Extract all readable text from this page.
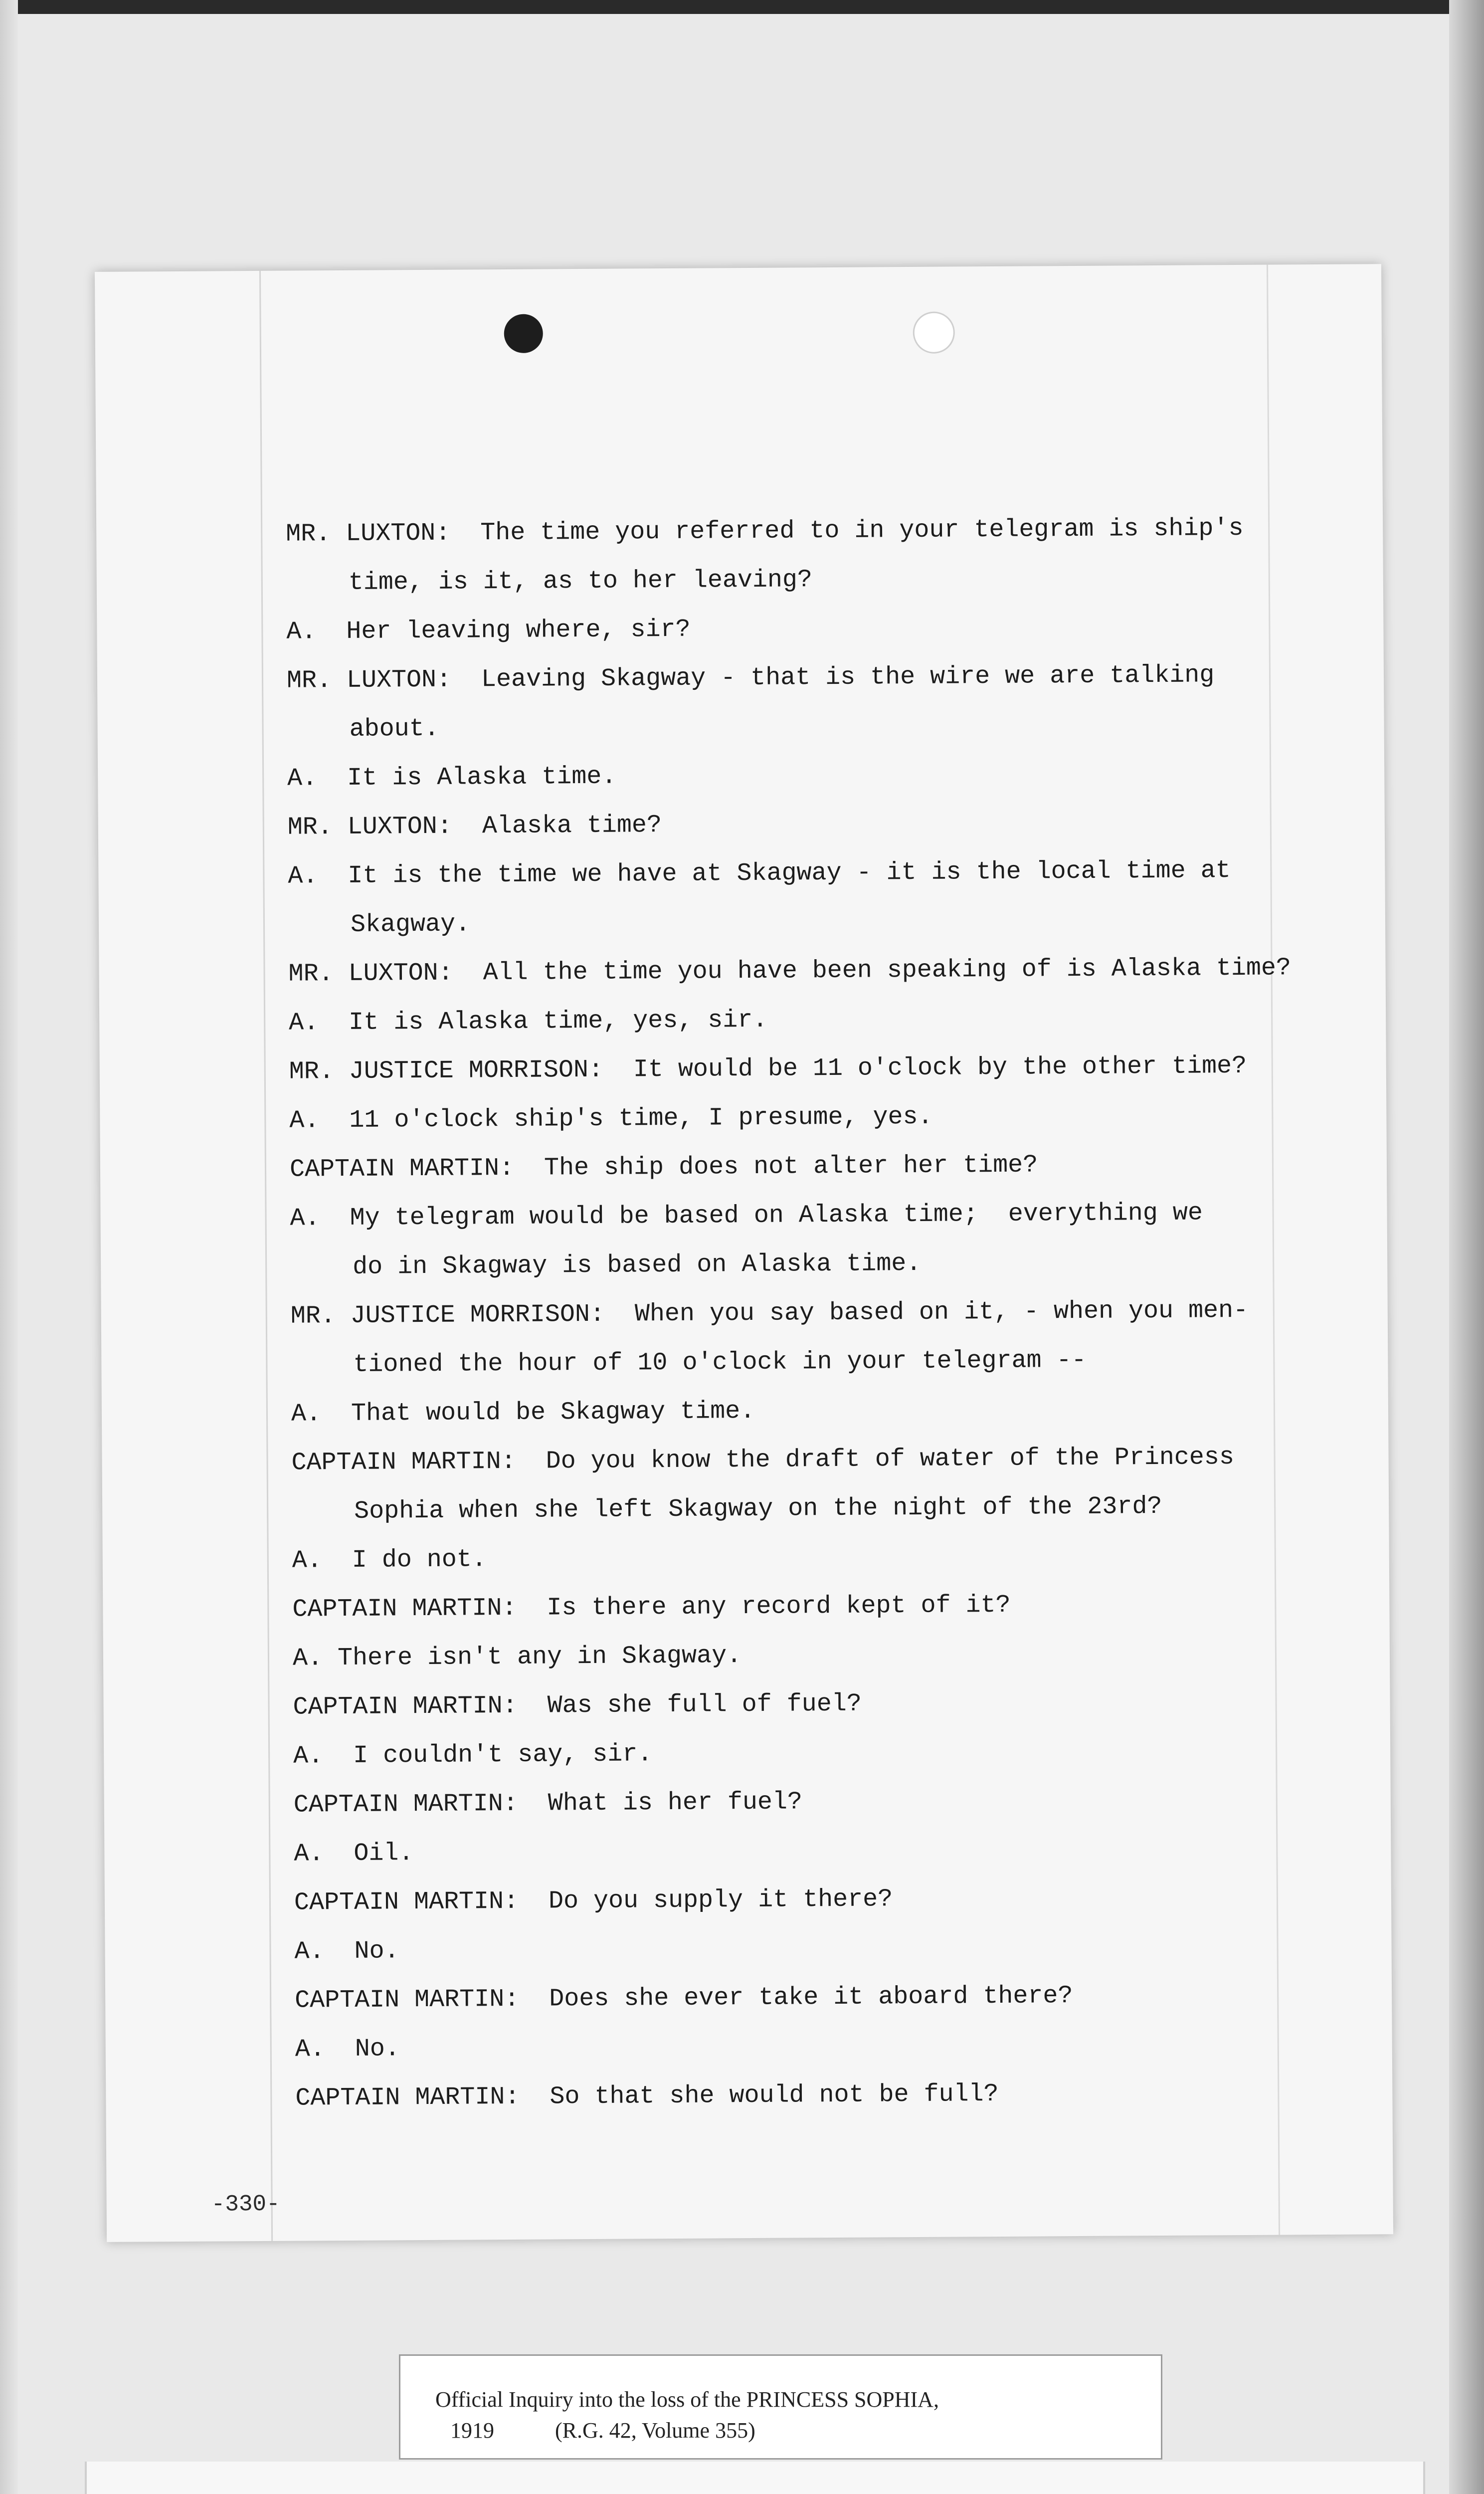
MR. LUXTON:  The time you referred to in your telegram is ship's
time, is it, as to her leaving?
A.  Her leaving where, sir?
MR. LUXTON:  Leaving Skagway - that is the wire we are talking
about.
A.  It is Alaska time.
MR. LUXTON:  Alaska time?
A.  It is the time we have at Skagway - it is the local time at
Skagway.
MR. LUXTON:  All the time you have been speaking of is Alaska time?
A.  It is Alaska time, yes, sir.
MR. JUSTICE MORRISON:  It would be 11 o'clock by the other time?
A.  11 o'clock ship's time, I presume, yes.
CAPTAIN MARTIN:  The ship does not alter her time?
A.  My telegram would be based on Alaska time;  everything we
do in Skagway is based on Alaska time.
MR. JUSTICE MORRISON:  When you say based on it, - when you men-
tioned the hour of 10 o'clock in your telegram --
A.  That would be Skagway time.
CAPTAIN MARTIN:  Do you know the draft of water of the Princess
Sophia when she left Skagway on the night of the 23rd?
A.  I do not.
CAPTAIN MARTIN:  Is there any record kept of it?
A. There isn't any in Skagway.
CAPTAIN MARTIN:  Was she full of fuel?
A.  I couldn't say, sir.
CAPTAIN MARTIN:  What is her fuel?
A.  Oil.
CAPTAIN MARTIN:  Do you supply it there?
A.  No.
CAPTAIN MARTIN:  Does she ever take it aboard there?
A.  No.
CAPTAIN MARTIN:  So that she would not be full?
-330-
Official Inquiry into the loss of the PRINCESS SOPHIA,
1919	(R.G. 42, Volume 355)
